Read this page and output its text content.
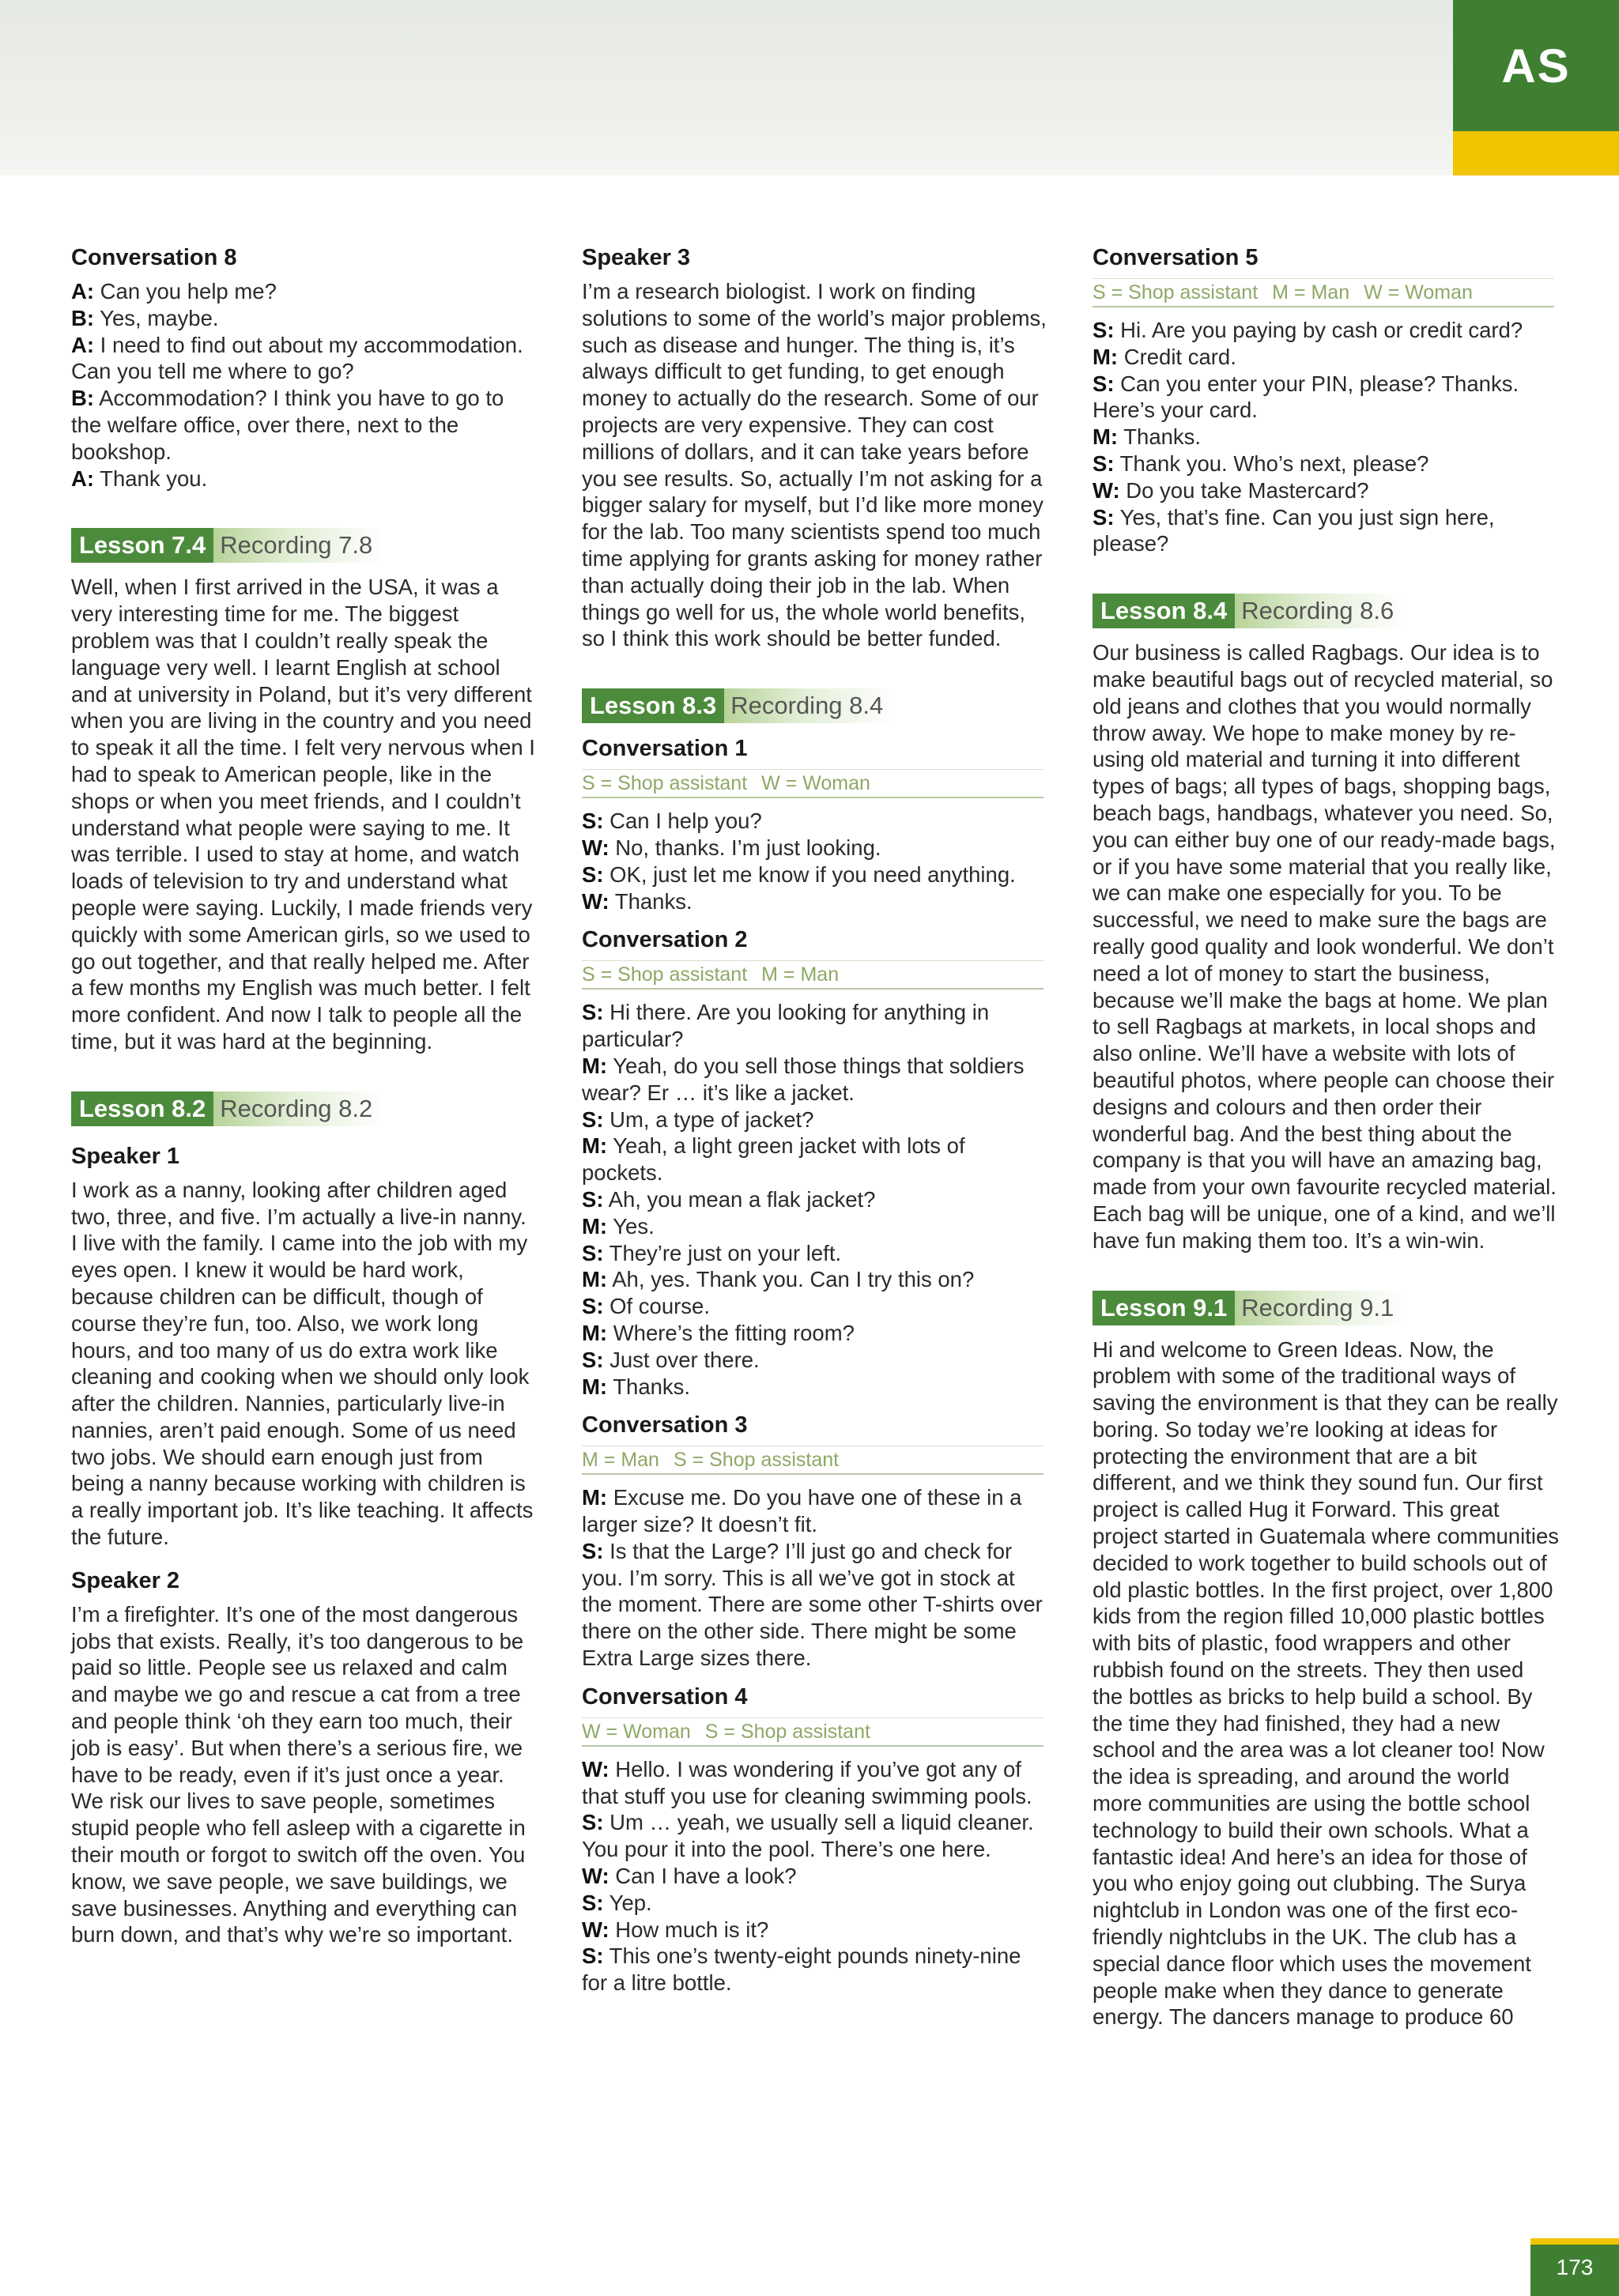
AS
Conversation 8

A: Can you help me?

B: Yes, maybe.

A: I need to find out about my accommodation. Can you tell me where to go?

B: Accommodation? I think you have to go to the welfare office, over there, next to the bookshop.

A: Thank you.

Lesson 7.4 Recording 7.8
Well, when I first arrived in the USA, it was a very interesting time for me. The biggest problem was that I couldn’t really speak the language very well. I learnt English at school and at university in Poland, but it’s very different when you are living in the country and you need to speak it all the time. I felt very nervous when I had to speak to American people, like in the shops or when you meet friends, and I couldn’t understand what people were saying to me. It was terrible. I used to stay at home, and watch loads of television to try and understand what people were saying. Luckily, I made friends very quickly with some American girls, so we used to go out together, and that really helped me. After a few months my English was much better. I felt more confident. And now I talk to people all the time, but it was hard at the beginning.
Lesson 8.2 Recording 8.2
Speaker 1
I work as a nanny, looking after children aged two, three, and five. I’m actually a live-in nanny. I live with the family. I came into the job with my eyes open. I knew it would be hard work, because children can be difficult, though of course they’re fun, too. Also, we work long hours, and too many of us do extra work like cleaning and cooking when we should only look after the children. Nannies, particularly live-in nannies, aren’t paid enough. Some of us need two jobs. We should earn enough just from being a nanny because working with children is a really important job. It’s like teaching. It affects the future.
Speaker 2
I’m a firefighter. It’s one of the most dangerous jobs that exists. Really, it’s too dangerous to be paid so little. People see us relaxed and calm and maybe we go and rescue a cat from a tree and people think ‘oh they earn too much, their job is easy’. But when there’s a serious fire, we have to be ready, even if it’s just once a year. We risk our lives to save people, sometimes stupid people who fell asleep with a cigarette in their mouth or forgot to switch off the oven. You know, we save people, we save buildings, we save businesses. Anything and everything can burn down, and that’s why we’re so important.
Speaker 3
I’m a research biologist. I work on finding solutions to some of the world’s major problems, such as disease and hunger. The thing is, it’s always difficult to get funding, to get enough money to actually do the research. Some of our projects are very expensive. They can cost millions of dollars, and it can take years before you see results. So, actually I’m not asking for a bigger salary for myself, but I’d like more money for the lab. Too many scientists spend too much time applying for grants asking for money rather than actually doing their job in the lab. When things go well for us, the whole world benefits, so I think this work should be better funded.
Lesson 8.3 Recording 8.4
Conversation 1
S = Shop assistant W = Woman

S: Can I help you?

W: No, thanks. I’m just looking.

S: OK, just let me know if you need anything.

W: Thanks.

Conversation 2
S = Shop assistant M = Man

S: Hi there. Are you looking for anything in particular?

M: Yeah, do you sell those things that soldiers wear? Er … it’s like a jacket.

S: Um, a type of jacket?

M: Yeah, a light green jacket with lots of pockets.

S: Ah, you mean a flak jacket?

M: Yes.

S: They’re just on your left.

M: Ah, yes. Thank you. Can I try this on?

S: Of course.

M: Where’s the fitting room?

S: Just over there.

M: Thanks.

Conversation 3
M = Man S = Shop assistant

M: Excuse me. Do you have one of these in a larger size? It doesn’t fit.

S: Is that the Large? I’ll just go and check for you. I’m sorry. This is all we’ve got in stock at the moment. There are some other T-shirts over there on the other side. There might be some Extra Large sizes there.

Conversation 4
W = Woman S = Shop assistant

W: Hello. I was wondering if you’ve got any of that stuff you use for cleaning swimming pools.

S: Um … yeah, we usually sell a liquid cleaner. You pour it into the pool. There’s one here.

W: Can I have a look?

S: Yep.

W: How much is it?

S: This one’s twenty-eight pounds ninety-nine for a litre bottle.

Conversation 5
S = Shop assistant M = Man W = Woman

S: Hi. Are you paying by cash or credit card?

M: Credit card.

S: Can you enter your PIN, please? Thanks. Here’s your card.

M: Thanks.

S: Thank you. Who’s next, please?

W: Do you take Mastercard?

S: Yes, that’s fine. Can you just sign here, please?

Lesson 8.4 Recording 8.6
Our business is called Ragbags. Our idea is to make beautiful bags out of recycled material, so old jeans and clothes that you would normally throw away. We hope to make money by re-using old material and turning it into different types of bags; all types of bags, shopping bags, beach bags, handbags, whatever you need. So, you can either buy one of our ready-made bags, or if you have some material that you really like, we can make one especially for you. To be successful, we need to make sure the bags are really good quality and look wonderful. We don’t need a lot of money to start the business, because we’ll make the bags at home. We plan to sell Ragbags at markets, in local shops and also online. We’ll have a website with lots of beautiful photos, where people can choose their designs and colours and then order their wonderful bag. And the best thing about the company is that you will have an amazing bag, made from your own favourite recycled material. Each bag will be unique, one of a kind, and we’ll have fun making them too. It’s a win-win.
Lesson 9.1 Recording 9.1
Hi and welcome to Green Ideas. Now, the problem with some of the traditional ways of saving the environment is that they can be really boring. So today we’re looking at ideas for protecting the environment that are a bit different, and we think they sound fun. Our first project is called Hug it Forward. This great project started in Guatemala where communities decided to work together to build schools out of old plastic bottles. In the first project, over 1,800 kids from the region filled 10,000 plastic bottles with bits of plastic, food wrappers and other rubbish found on the streets. They then used the bottles as bricks to help build a school. By the time they had finished, they had a new school and the area was a lot cleaner too! Now the idea is spreading, and around the world more communities are using the bottle school technology to build their own schools. What a fantastic idea! And here’s an idea for those of you who enjoy going out clubbing. The Surya nightclub in London was one of the first eco-friendly nightclubs in the UK. The club has a special dance floor which uses the movement people make when they dance to generate energy. The dancers manage to produce 60
173
